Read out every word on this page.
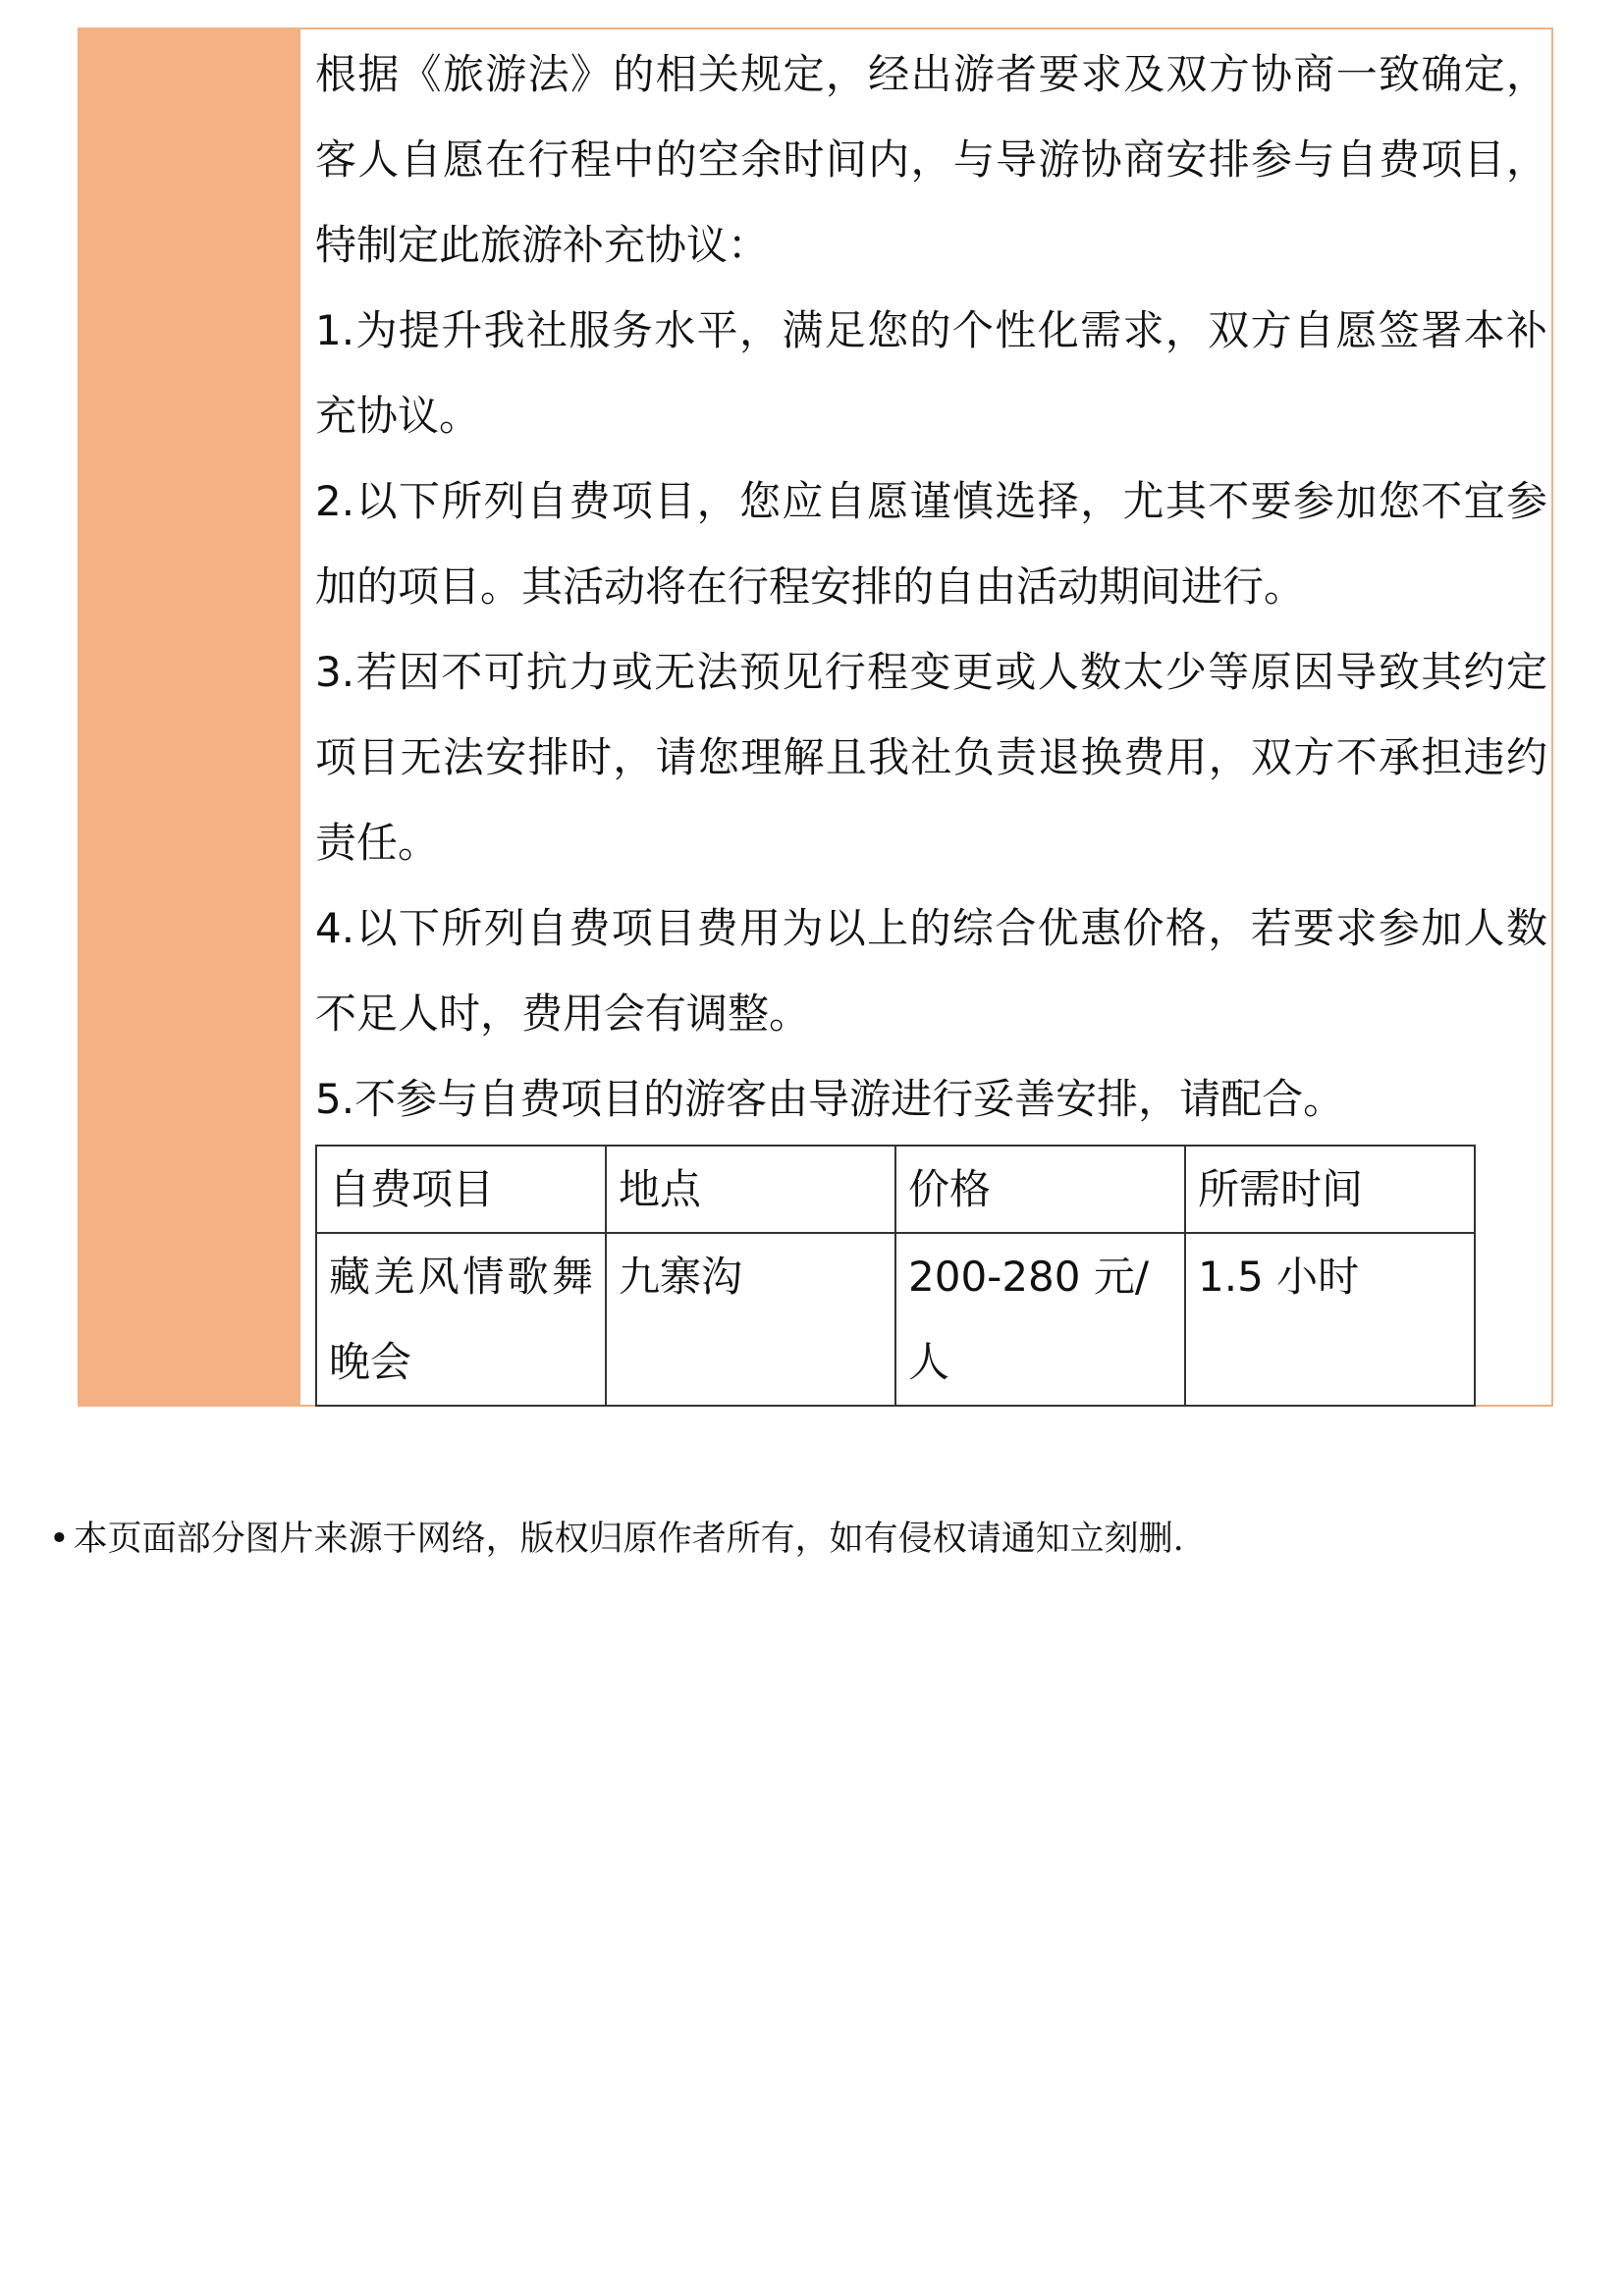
根据《旅游法》的相关规定，经出游者要求及双方协商一致确定，客人自愿在行程中的空余时间内，与导游协商安排参与自费项目，特制定此旅游补充协议：

1.为提升我社服务水平，满足您的个性化需求，双方自愿签署本补充协议。

2.以下所列自费项目，您应自愿谨慎选择，尤其不要参加您不宜参加的项目。其活动将在行程安排的自由活动期间进行。

3.若因不可抗力或无法预见行程变更或人数太少等原因导致其约定项目无法安排时，请您理解且我社负责退换费用，双方不承担违约责任。

4.以下所列自费项目费用为以上的综合优惠价格，若要求参加人数不足人时，费用会有调整。

5.不参与自费项目的游客由导游进行妥善安排，请配合。

自费项目	地点	价格	所需时间
藏羌风情歌舞晚会	九寨沟	200-280 元/人	1.5 小时
• 本页面部分图片来源于网络，版权归原作者所有，如有侵权请通知立刻删.
